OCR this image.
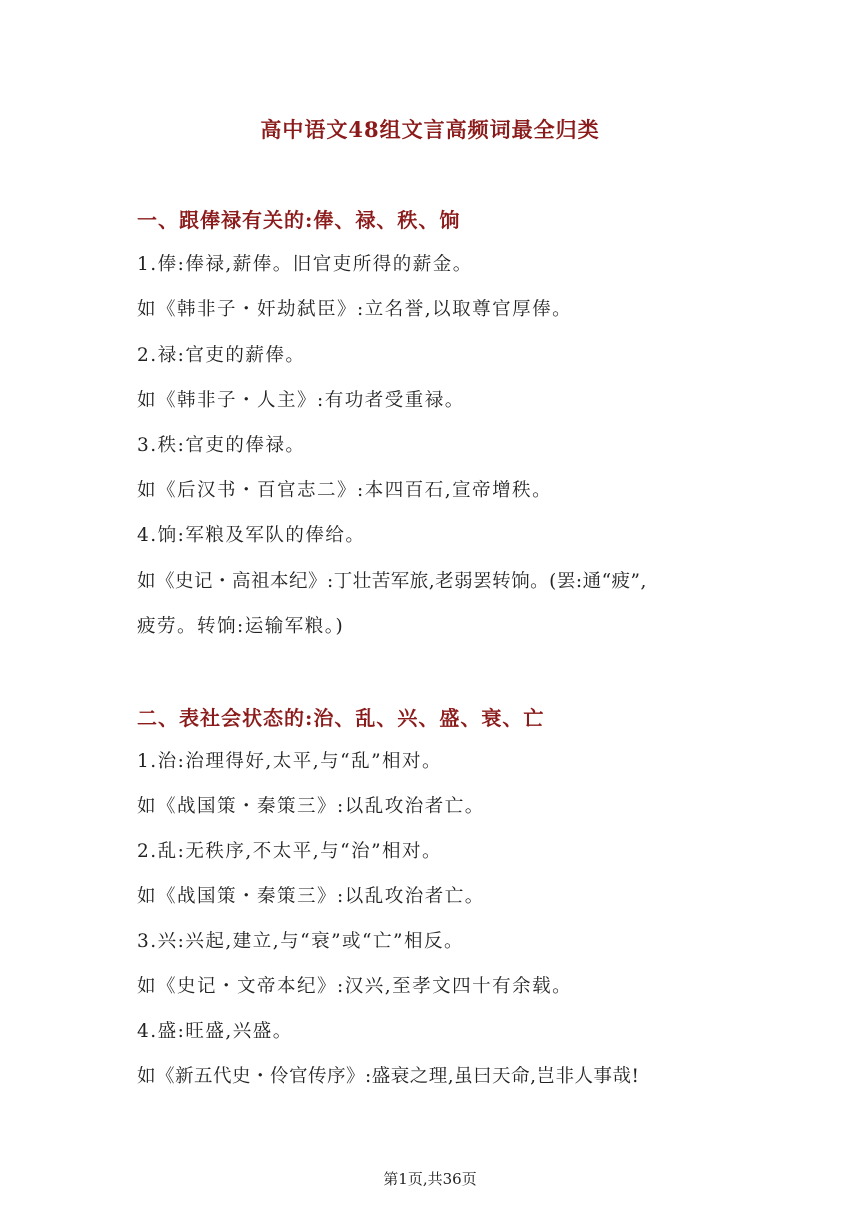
高中语文48组文言高频词最全归类
一、跟俸禄有关的:俸、禄、秩、饷
1.俸:俸禄,薪俸。旧官吏所得的薪金。
如《韩非子・奸劫弑臣》:立名誉,以取尊官厚俸。
2.禄:官吏的薪俸。
如《韩非子・人主》:有功者受重禄。
3.秩:官吏的俸禄。
如《后汉书・百官志二》:本四百石,宣帝增秩。
4.饷:军粮及军队的俸给。
如《史记・高祖本纪》:丁壮苦军旅,老弱罢转饷。(罢:通“疲”,
疲劳。转饷:运输军粮。)
二、表社会状态的:治、乱、兴、盛、衰、亡
1.治:治理得好,太平,与“乱”相对。
如《战国策・秦策三》:以乱攻治者亡。
2.乱:无秩序,不太平,与“治”相对。
如《战国策・秦策三》:以乱攻治者亡。
3.兴:兴起,建立,与“衰”或“亡”相反。
如《史记・文帝本纪》:汉兴,至孝文四十有余载。
4.盛:旺盛,兴盛。
如《新五代史・伶官传序》:盛衰之理,虽曰天命,岂非人事哉!
第1页,共36页
